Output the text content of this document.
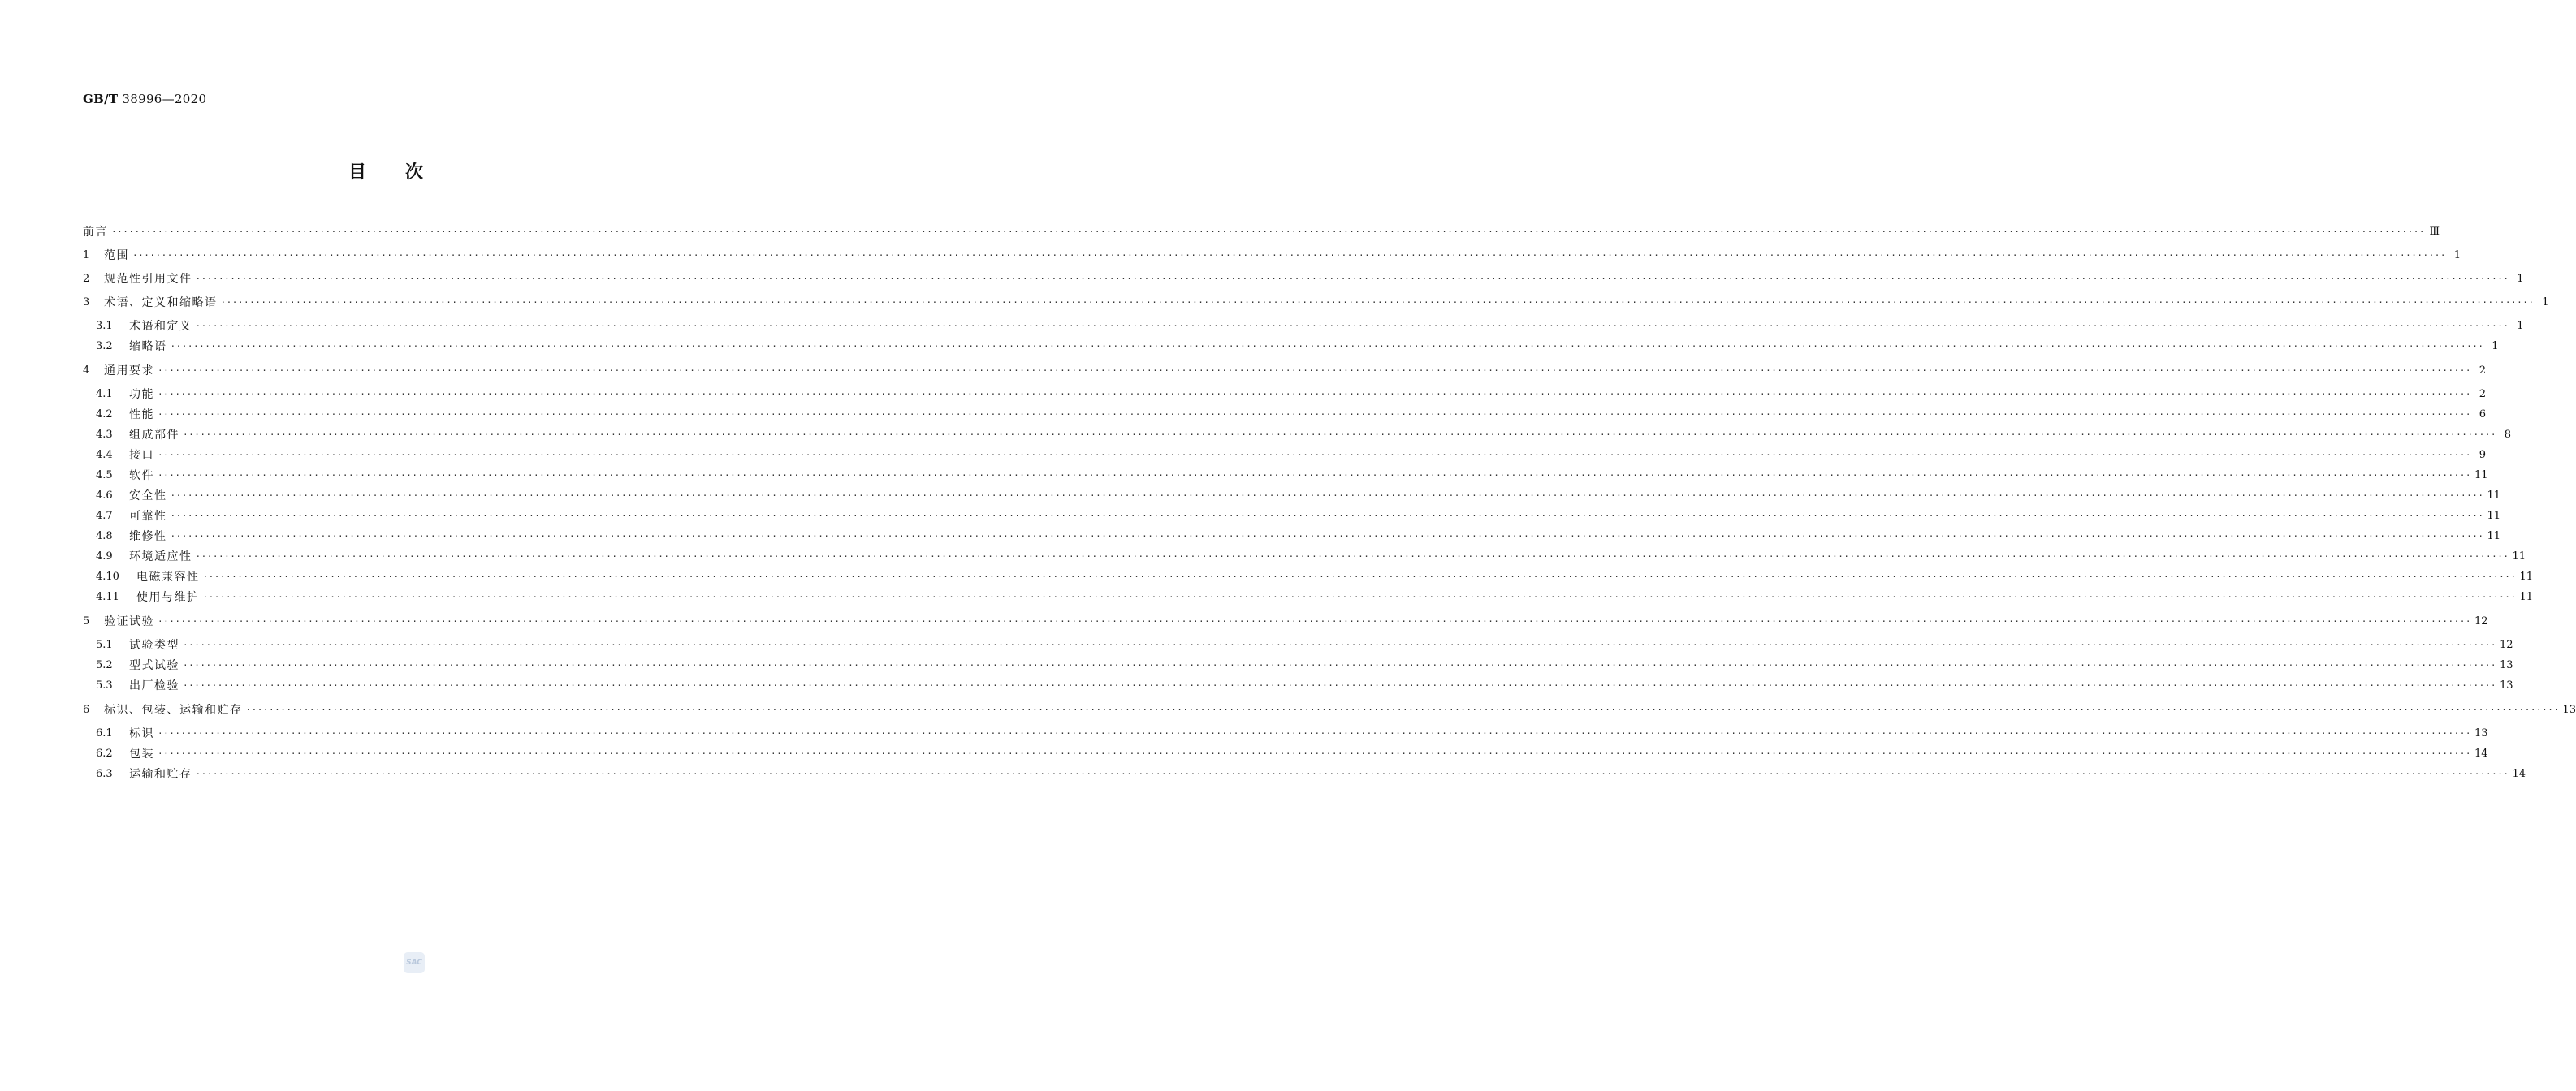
GB/T 38996—2020
目次
前言 ················································································································································································································································································································································································································ Ⅲ
1	范围 ················································································································································································································································································································································································································ 1
2	规范性引用文件 ················································································································································································································································································································································································································ 1
3	术语、定义和缩略语 ················································································································································································································································································································································································································ 1
3.1	术语和定义 ················································································································································································································································································································································································································ 1
3.2	缩略语 ················································································································································································································································································································································································································ 1
4	通用要求 ················································································································································································································································································································································································································ 2
4.1	功能 ················································································································································································································································································································································································································ 2
4.2	性能 ················································································································································································································································································································································································································ 6
4.3	组成部件 ················································································································································································································································································································································································································ 8
4.4	接口 ················································································································································································································································································································································································································ 9
4.5	软件 ················································································································································································································································································································································································································ 11
4.6	安全性 ················································································································································································································································································································································································································ 11
4.7	可靠性 ················································································································································································································································································································································································································ 11
4.8	维修性 ················································································································································································································································································································································································································ 11
4.9	环境适应性 ················································································································································································································································································································································································································ 11
4.10	电磁兼容性 ················································································································································································································································································································································································································ 11
4.11	使用与维护 ················································································································································································································································································································································································································ 11
5	验证试验 ················································································································································································································································································································································································································ 12
5.1	试验类型 ················································································································································································································································································································································································································ 12
5.2	型式试验 ················································································································································································································································································································································································································ 13
5.3	出厂检验 ················································································································································································································································································································································································································ 13
6	标识、包装、运输和贮存 ················································································································································································································································································································································································································ 13
6.1	标识 ················································································································································································································································································································································································································ 13
6.2	包装 ················································································································································································································································································································································································································ 14
6.3	运输和贮存 ················································································································································································································································································································································································································ 14
SAC
